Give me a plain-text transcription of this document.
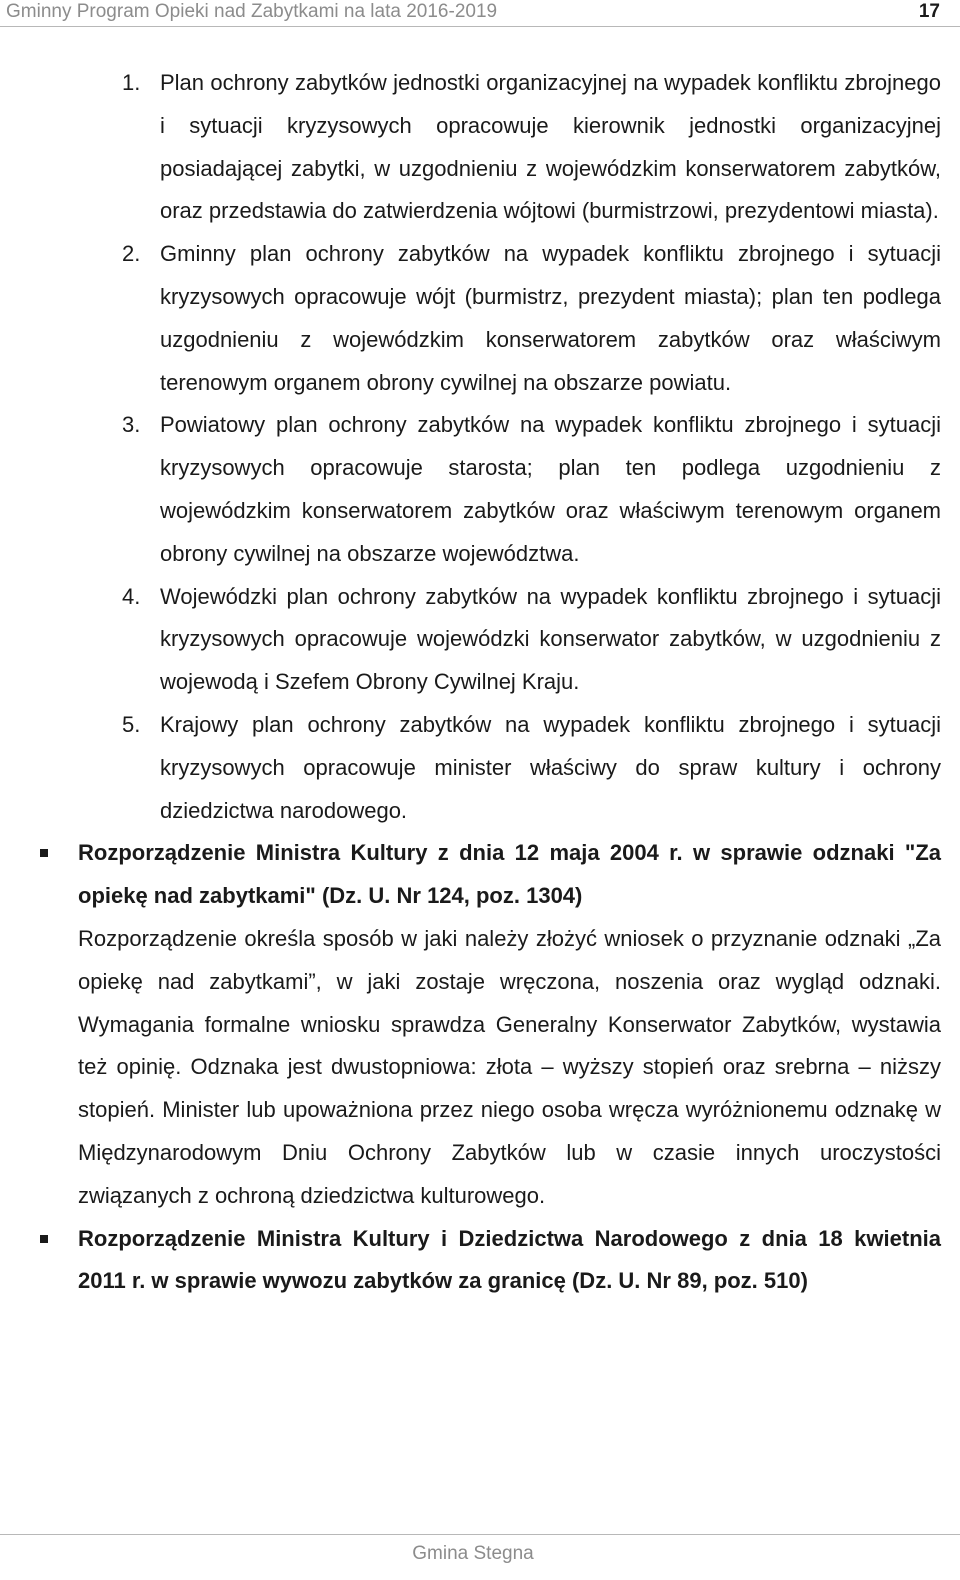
Gminny Program Opieki nad Zabytkami na lata 2016-2019	17
1. Plan ochrony zabytków jednostki organizacyjnej na wypadek konfliktu zbrojnego i sytuacji kryzysowych opracowuje kierownik jednostki organizacyjnej posiadającej zabytki, w uzgodnieniu z wojewódzkim konserwatorem zabytków, oraz przedstawia do zatwierdzenia wójtowi (burmistrzowi, prezydentowi miasta).
2. Gminny plan ochrony zabytków na wypadek konfliktu zbrojnego i sytuacji kryzysowych opracowuje wójt (burmistrz, prezydent miasta); plan ten podlega uzgodnieniu z wojewódzkim konserwatorem zabytków oraz właściwym terenowym organem obrony cywilnej na obszarze powiatu.
3. Powiatowy plan ochrony zabytków na wypadek konfliktu zbrojnego i sytuacji kryzysowych opracowuje starosta; plan ten podlega uzgodnieniu z wojewódzkim konserwatorem zabytków oraz właściwym terenowym organem obrony cywilnej na obszarze województwa.
4. Wojewódzki plan ochrony zabytków na wypadek konfliktu zbrojnego i sytuacji kryzysowych opracowuje wojewódzki konserwator zabytków, w uzgodnieniu z wojewodą i Szefem Obrony Cywilnej Kraju.
5. Krajowy plan ochrony zabytków na wypadek konfliktu zbrojnego i sytuacji kryzysowych opracowuje minister właściwy do spraw kultury i ochrony dziedzictwa narodowego.
Rozporządzenie Ministra Kultury z dnia 12 maja 2004 r. w sprawie odznaki "Za opiekę nad zabytkami" (Dz. U. Nr 124, poz. 1304)
Rozporządzenie określa sposób w jaki należy złożyć wniosek o przyznanie odznaki „Za opiekę nad zabytkami”, w jaki zostaje wręczona, noszenia oraz wygląd odznaki. Wymagania formalne wniosku sprawdza Generalny Konserwator Zabytków, wystawia też opinię. Odznaka jest dwustopniowa: złota – wyższy stopień oraz srebrna – niższy stopień. Minister lub upoważniona przez niego osoba wręcza wyróżnionemu odznakę w Międzynarodowym Dniu Ochrony Zabytków lub w czasie innych uroczystości związanych z ochroną dziedzictwa kulturowego.
Rozporządzenie Ministra Kultury i Dziedzictwa Narodowego z dnia 18 kwietnia 2011 r. w sprawie wywozu zabytków za granicę (Dz. U. Nr 89, poz. 510)
Gmina Stegna
